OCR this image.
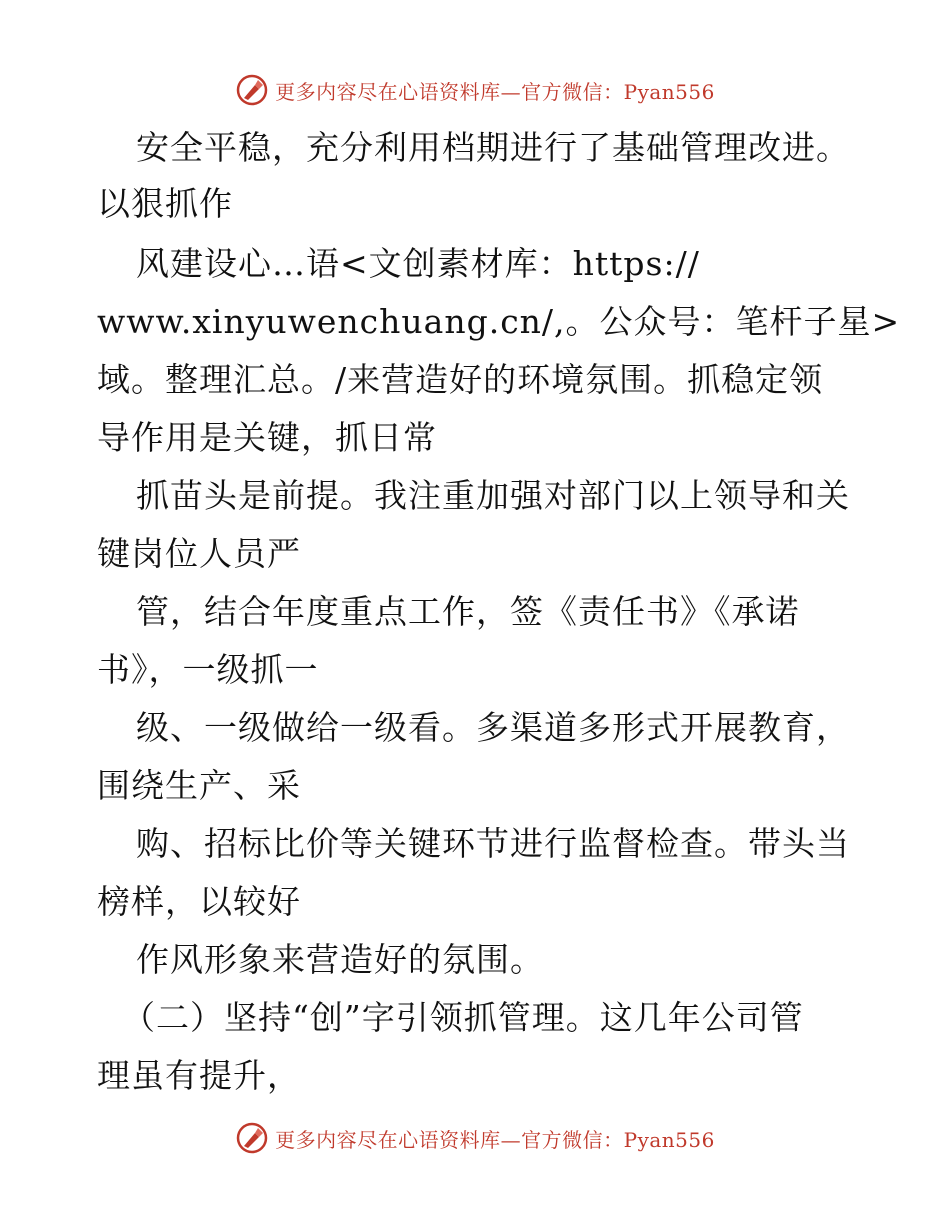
更多内容尽在心语资料库—官方微信：Pyan556
安全平稳，充分利用档期进行了基础管理改进。
以狠抓作
风建设心…语<文创素材库：https://
www.xinyuwenchuang.cn/,。公众号：笔杆子星>
域。整理汇总。/来营造好的环境氛围。抓稳定领
导作用是关键，抓日常
抓苗头是前提。我注重加强对部门以上领导和关
键岗位人员严
管，结合年度重点工作，签《责任书》《承诺
书》，一级抓一
级、一级做给一级看。多渠道多形式开展教育，
围绕生产、采
购、招标比价等关键环节进行监督检查。带头当
榜样，以较好
作风形象来营造好的氛围。
（二）坚持“创”字引领抓管理。这几年公司管
理虽有提升，
更多内容尽在心语资料库—官方微信：Pyan556
